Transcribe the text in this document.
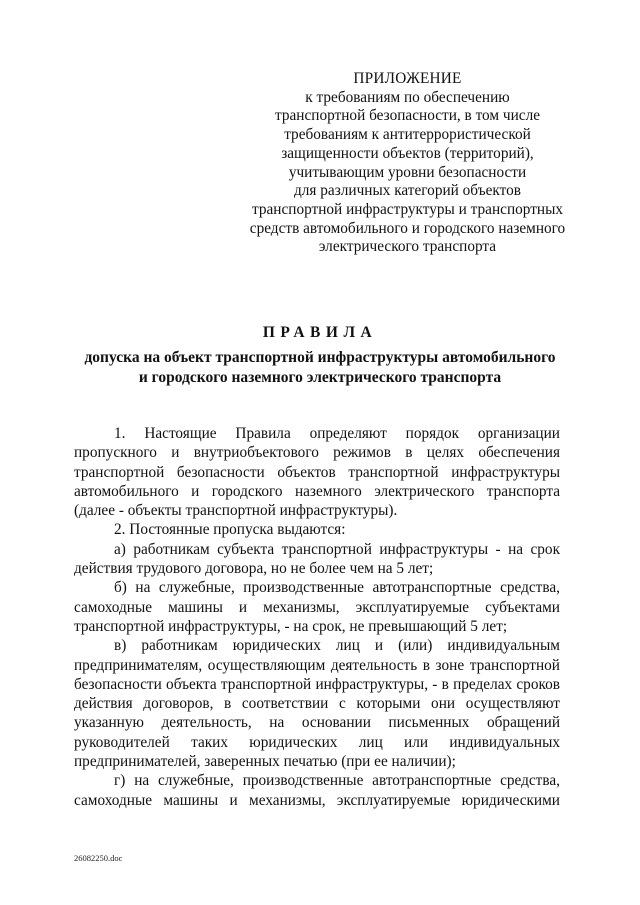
ПРИЛОЖЕНИЕ
к требованиям по обеспечению
транспортной безопасности, в том числе
требованиям к антитеррористической
защищенности объектов (территорий),
учитывающим уровни безопасности
для различных категорий объектов
транспортной инфраструктуры и транспортных
средств автомобильного и городского наземного
электрического транспорта
ПРАВИЛА
допуска на объект транспортной инфраструктуры автомобильного
и городского наземного электрического транспорта

1. Настоящие Правила определяют порядок организации пропускного и внутриобъектового режимов в целях обеспечения транспортной безопасности объектов транспортной инфраструктуры автомобильного и городского наземного электрического транспорта (далее - объекты транспортной инфраструктуры).

2. Постоянные пропуска выдаются:

а) работникам субъекта транспортной инфраструктуры - на срок действия трудового договора, но не более чем на 5 лет;

б) на служебные, производственные автотранспортные средства, самоходные машины и механизмы, эксплуатируемые субъектами транспортной инфраструктуры, - на срок, не превышающий 5 лет;

в) работникам юридических лиц и (или) индивидуальным предпринимателям, осуществляющим деятельность в зоне транспортной безопасности объекта транспортной инфраструктуры, - в пределах сроков действия договоров, в соответствии с которыми они осуществляют указанную деятельность, на основании письменных обращений руководителей таких юридических лиц или индивидуальных предпринимателей, заверенных печатью (при ее наличии);

г) на служебные, производственные автотранспортные средства, самоходные машины и механизмы, эксплуатируемые юридическими

26082250.doc
